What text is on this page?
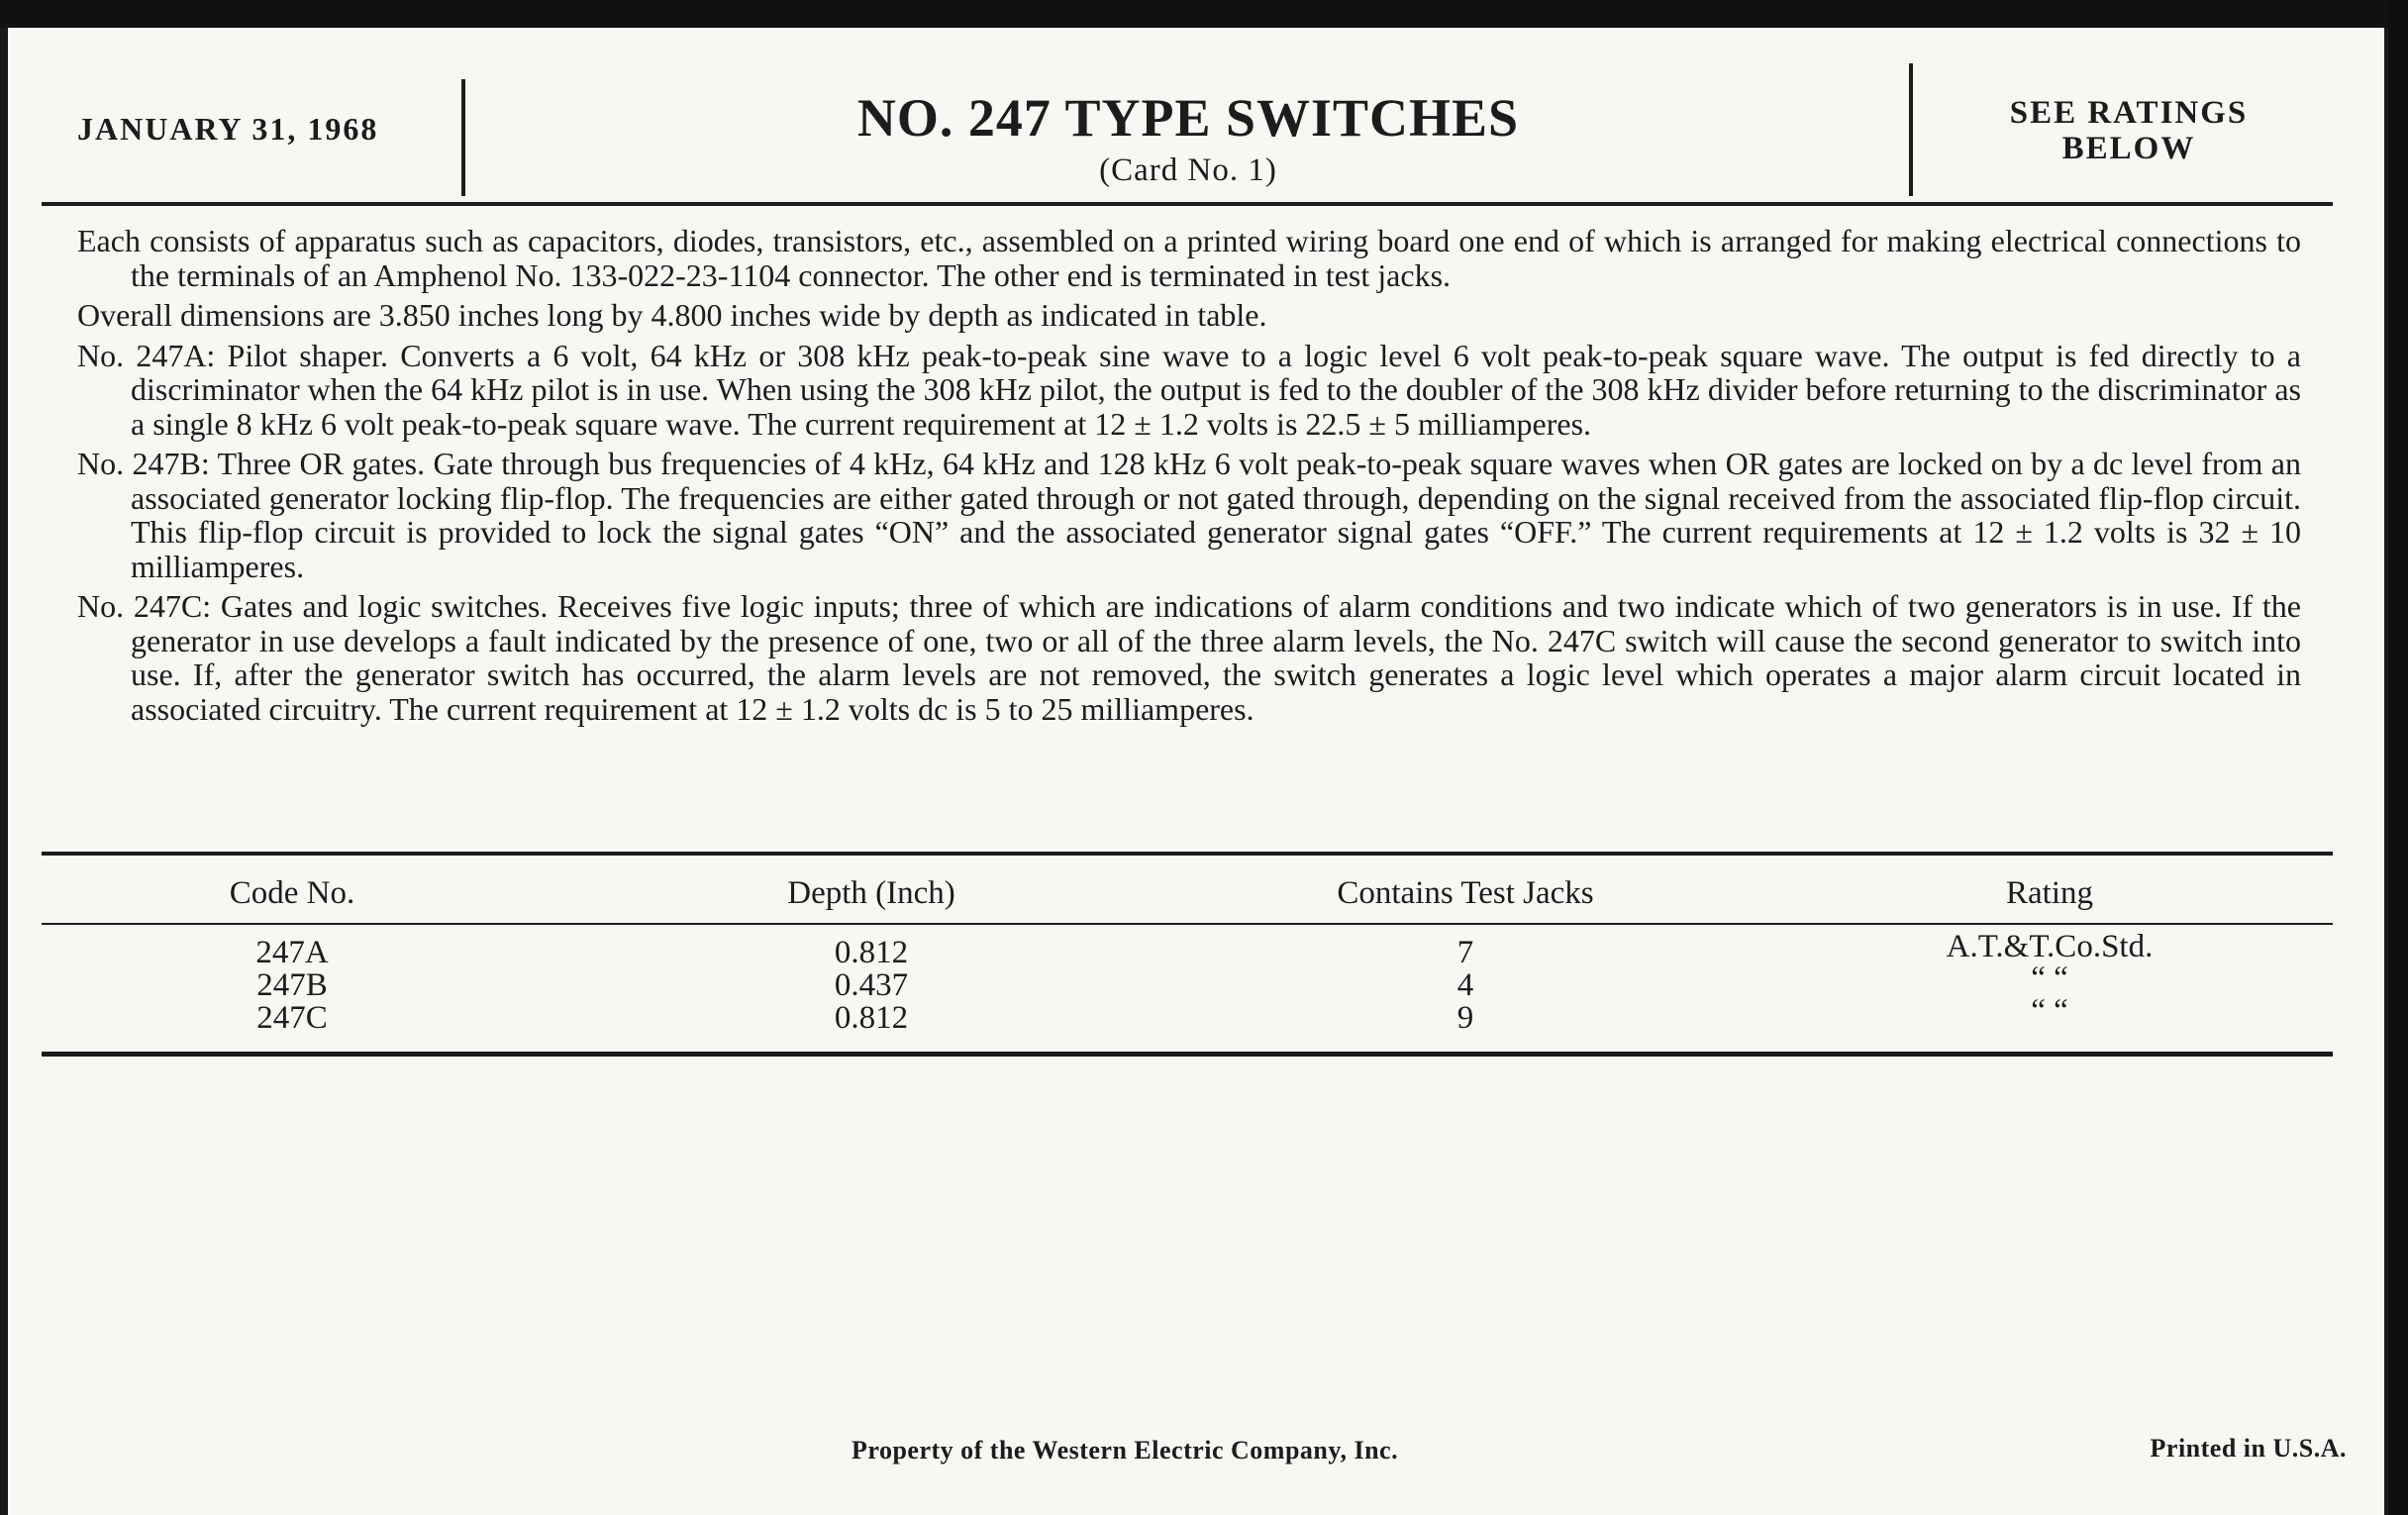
JANUARY 31, 1968	NO. 247 TYPE SWITCHES
(Card No. 1)
SEE RATINGS
BELOW

Each consists of apparatus such as capacitors, diodes, transistors, etc., assembled on a printed wiring board one end of which is arranged for making electrical connections to the terminals of an Amphenol No. 133-022-23-1104 connector. The other end is terminated in test jacks.

Overall dimensions are 3.850 inches long by 4.800 inches wide by depth as indicated in table.

No. 247A: Pilot shaper. Converts a 6 volt, 64 kHz or 308 kHz peak-to-peak sine wave to a logic level 6 volt peak-to-peak square wave. The output is fed directly to a discriminator when the 64 kHz pilot is in use. When using the 308 kHz pilot, the output is fed to the doubler of the 308 kHz divider before returning to the discriminator as a single 8 kHz 6 volt peak-to-peak square wave. The current requirement at 12 ± 1.2 volts is 22.5 ± 5 milliamperes.

No. 247B: Three OR gates. Gate through bus frequencies of 4 kHz, 64 kHz and 128 kHz 6 volt peak-to-peak square waves when OR gates are locked on by a dc level from an associated generator locking flip-flop. The frequencies are either gated through or not gated through, depending on the signal received from the associated flip-flop circuit. This flip-flop circuit is provided to lock the signal gates “ON” and the associated generator signal gates “OFF.” The current requirements at 12 ± 1.2 volts is 32 ± 10 milliamperes.

No. 247C: Gates and logic switches. Receives five logic inputs; three of which are indications of alarm conditions and two indicate which of two generators is in use. If the generator in use develops a fault indicated by the presence of one, two or all of the three alarm levels, the No. 247C switch will cause the second generator to switch into use. If, after the generator switch has occurred, the alarm levels are not removed, the switch generates a logic level which operates a major alarm circuit located in associated circuitry. The current requirement at 12 ± 1.2 volts dc is 5 to 25 milliamperes.

Code No.	Depth (Inch)	Contains Test Jacks	Rating
247A	0.812	7	A.T.&T.Co.Std.
247B	0.437	4	“ “
247C	0.812	9	“ “
Property of the Western Electric Company, Inc.	Printed in U.S.A.
